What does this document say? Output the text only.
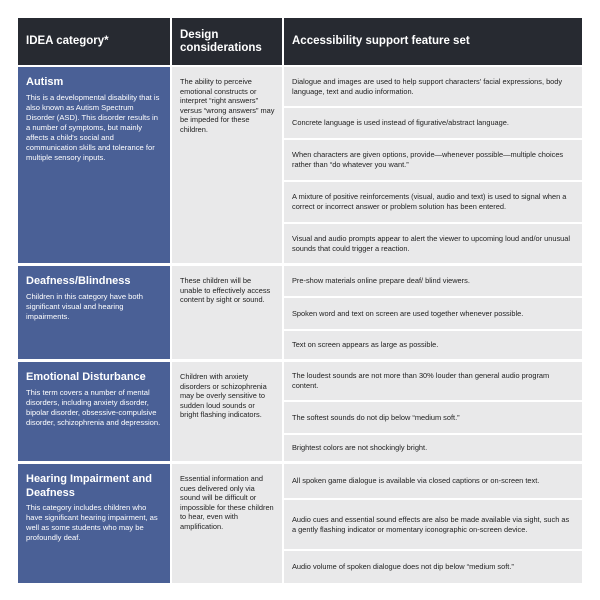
IDEA category*
Design considerations
Accessibility support feature set
Autism
This is a developmental disability that is also known as Autism Spectrum Disorder (ASD). This disorder results in a number of symptoms, but mainly affects a child's social and communication skills and tolerance for multiple sensory inputs.
The ability to perceive emotional constructs or interpret “right answers” versus “wrong answers” may be impeded for these children.
Dialogue and images are used to help support characters' facial expressions, body language, text and audio information.
Concrete language is used instead of figurative/abstract language.
When characters are given options, provide—whenever possible—multiple choices rather than “do whatever you want.”
A mixture of positive reinforcements (visual, audio and text) is used to signal when a correct or incorrect answer or problem solution has been entered.
Visual and audio prompts appear to alert the viewer to upcoming loud and/or unusual sounds that could trigger a reaction.
Deafness/Blindness
Children in this category have both significant visual and hearing impairments.
These children will be unable to effectively access content by sight or sound.
Pre-show materials online prepare deaf/ blind viewers.
Spoken word and text on screen are used together whenever possible.
Text on screen appears as large as possible.
Emotional Disturbance
This term covers a number of mental disorders, including anxiety disorder, bipolar disorder, obsessive-compulsive disorder, schizophrenia and depression.
Children with anxiety disorders or schizophrenia may be overly sensitive to sudden loud sounds or bright flashing indicators.
The loudest sounds are not more than 30% louder than general audio program content.
The softest sounds do not dip below “medium soft.”
Brightest colors are not shockingly bright.
Hearing Impairment and Deafness
This category includes children who have significant hearing impairment, as well as some students who may be profoundly deaf.
Essential information and cues delivered only via sound will be difficult or impossible for these children to hear, even with amplification.
All spoken game dialogue is available via closed captions or on-screen text.
Audio cues and essential sound effects are also be made available via sight, such as a gently flashing indicator or momentary iconographic on-screen device.
Audio volume of spoken dialogue does not dip below “medium soft.”
